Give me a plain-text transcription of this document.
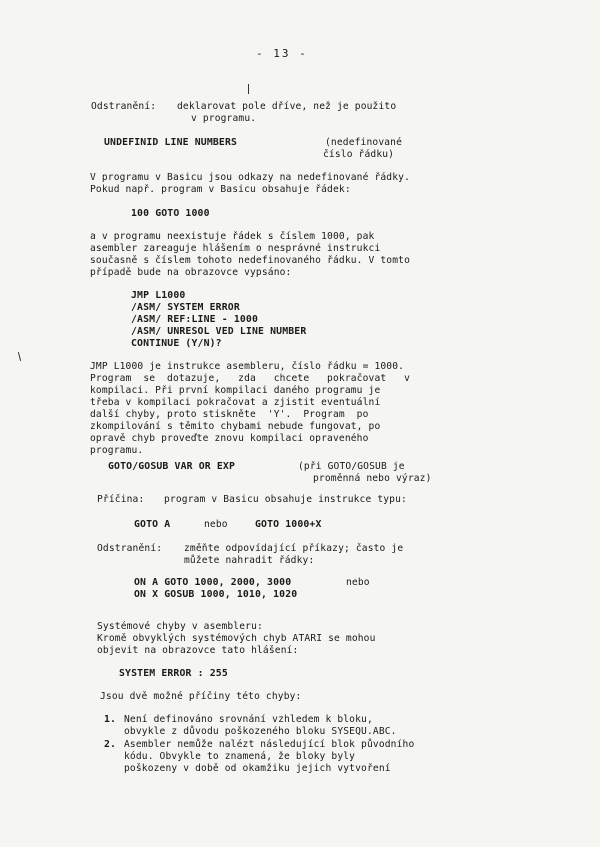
- 13 -
Odstranění: deklarovat pole dříve, než je použito
v programu.
UNDEFINID LINE NUMBERS	(nedefinované
číslo řádku)
V programu v Basicu jsou odkazy na nedefinované řádky.
Pokud např. program v Basicu obsahuje řádek:
100 GOTO 1000
a v programu neexistuje řádek s číslem 1000, pak
asembler zareaguje hlášením o nesprávné instrukci
současně s číslem tohoto nedefinovaného řádku. V tomto
případě bude na obrazovce vypsáno:
JMP L1000
/ASM/ SYSTEM ERROR
/ASM/ REF:LINE - 1000
/ASM/ UNRESOL VED LINE NUMBER
CONTINUE (Y/N)?
JMP L1000 je instrukce asembleru, číslo řádku = 1000.
Program  se  dotazuje,   zda   chcete   pokračovat   v
kompilaci. Při první kompilaci daného programu je
třeba v kompilaci pokračovat a zjistit eventuální
další chyby, proto stiskněte  'Y'.  Program  po
zkompilování s těmito chybami nebude fungovat, po
opravě chyb proveďte znovu kompilaci opraveného
programu.
GOTO/GOSUB VAR OR EXP	(při GOTO/GOSUB je
proměnná nebo výraz)
Příčina: program v Basicu obsahuje instrukce typu:
GOTO A	nebo	GOTO 1000+X
Odstranění: změňte odpovídající příkazy; často je
můžete nahradit řádky:
ON A GOTO 1000, 2000, 3000	nebo
ON X GOSUB 1000, 1010, 1020
Systémové chyby v asembleru:
Kromě obvyklých systémových chyb ATARI se mohou
objevit na obrazovce tato hlášení:
SYSTEM ERROR : 255
Jsou dvě možné příčiny této chyby:
1. Není definováno srovnání vzhledem k bloku,
obvykle z důvodu poškozeného bloku SYSEQU.ABC.
2. Asembler nemůže nalézt následující blok původního
kódu. Obvykle to znamená, že bloky byly
poškozeny v době od okamžiku jejich vytvoření
